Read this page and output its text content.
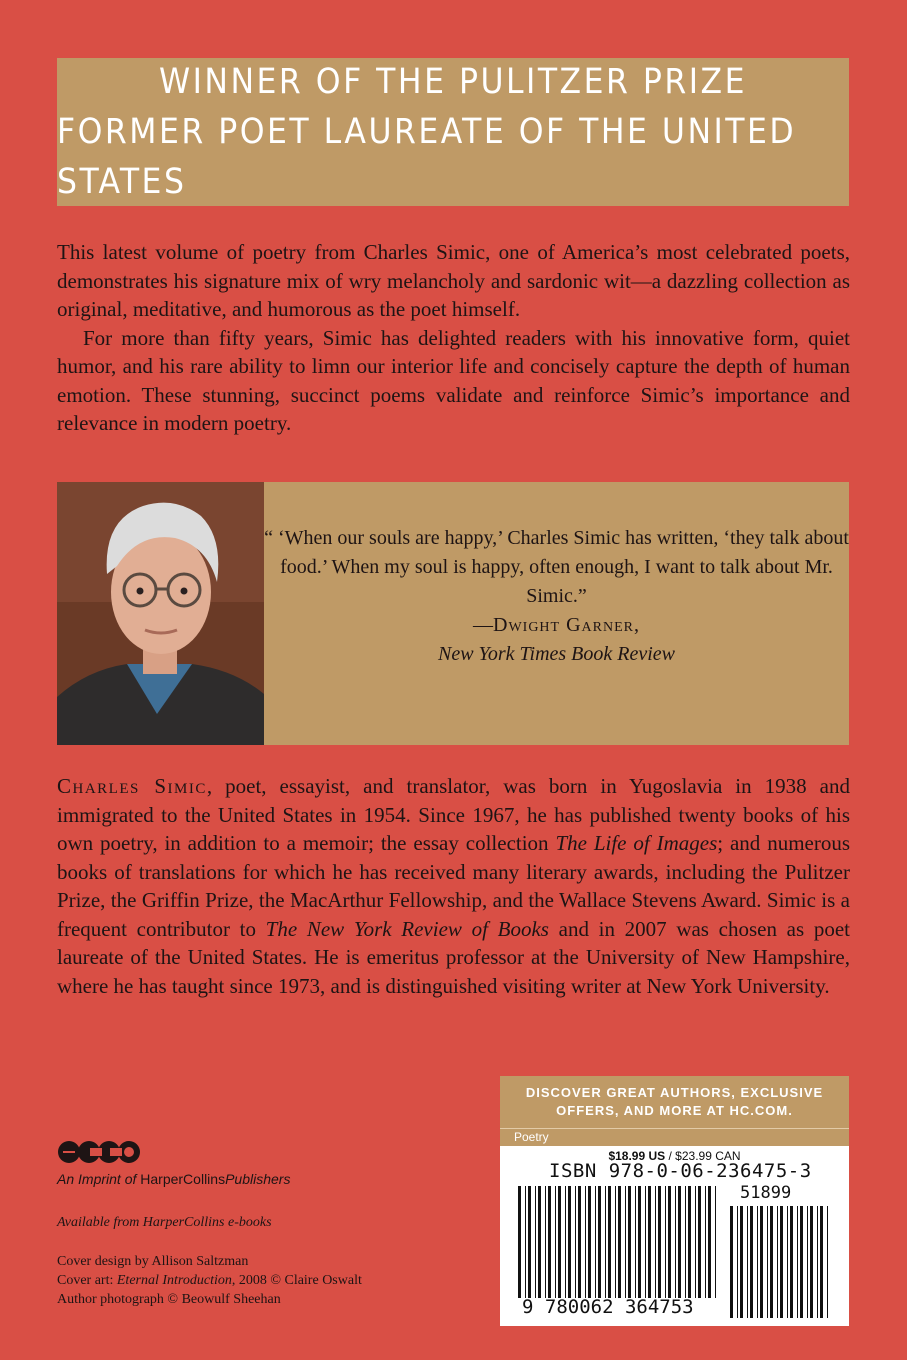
WINNER OF THE PULITZER PRIZE
FORMER POET LAUREATE OF THE UNITED STATES

This latest volume of poetry from Charles Simic, one of America’s most celebrated poets, demonstrates his signature mix of wry melancholy and sardonic wit—a dazzling collection as original, meditative, and humorous as the poet himself.

For more than fifty years, Simic has delighted readers with his innovative form, quiet humor, and his rare ability to limn our interior life and concisely capture the depth of human emotion. These stunning, succinct poems validate and reinforce Simic’s importance and relevance in modern poetry.

“ ‘When our souls are happy,’ Charles Simic has written, ‘they talk about food.’ When my soul is happy, often enough, I want to talk about Mr. Simic.”
—Dwight Garner,
New York Times Book Review

Charles Simic, poet, essayist, and translator, was born in Yugoslavia in 1938 and immigrated to the United States in 1954. Since 1967, he has published twenty books of his own poetry, in addition to a memoir; the essay collection The Life of Images; and numerous books of translations for which he has received many literary awards, including the Pulitzer Prize, the Griffin Prize, the MacArthur Fellowship, and the Wallace Stevens Award. Simic is a frequent contributor to The New York Review of Books and in 2007 was chosen as poet laureate of the United States. He is emeritus professor at the University of New Hampshire, where he has taught since 1973, and is distinguished visiting writer at New York University.

An Imprint of HarperCollinsPublishers
Available from HarperCollins e-books
Cover design by Allison Saltzman
Cover art: Eternal Introduction, 2008 © Claire Oswalt
Author photograph © Beowulf Sheehan
DISCOVER GREAT AUTHORS, EXCLUSIVE OFFERS, AND MORE AT HC.COM.
Poetry
$18.99 US / $23.99 CAN
ISBN 978-0-06-236475-3
51899
9 780062 364753
